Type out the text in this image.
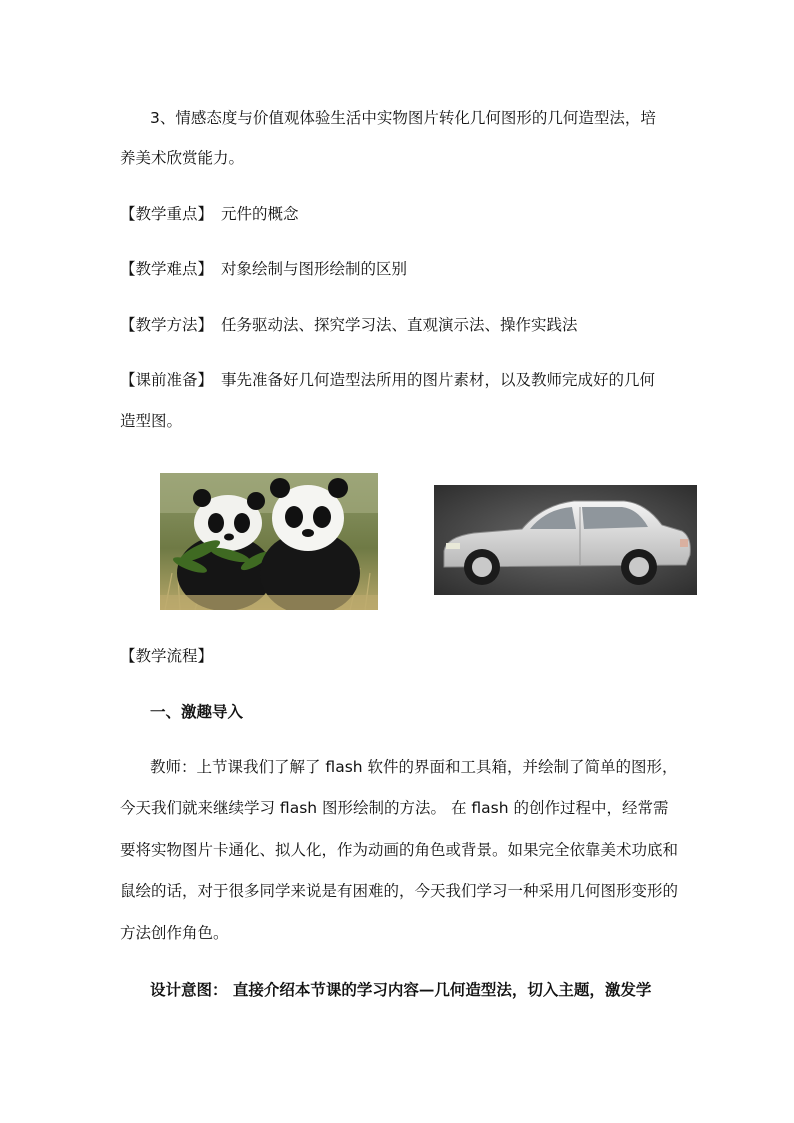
3、情感态度与价值观体验生活中实物图片转化几何图形的几何造型法，培
养美术欣赏能力。
【教学重点】 元件的概念
【教学难点】 对象绘制与图形绘制的区别
【教学方法】 任务驱动法、探究学习法、直观演示法、操作实践法
【课前准备】 事先准备好几何造型法所用的图片素材，以及教师完成好的几何
造型图。
【教学流程】
一、激趣导入
教师：上节课我们了解了 flash 软件的界面和工具箱，并绘制了简单的图形，
今天我们就来继续学习 flash 图形绘制的方法。 在 flash 的创作过程中，经常需
要将实物图片卡通化、拟人化，作为动画的角色或背景。如果完全依靠美术功底和
鼠绘的话，对于很多同学来说是有困难的，今天我们学习一种采用几何图形变形的
方法创作角色。
设计意图： 直接介绍本节课的学习内容—几何造型法，切入主题，激发学
